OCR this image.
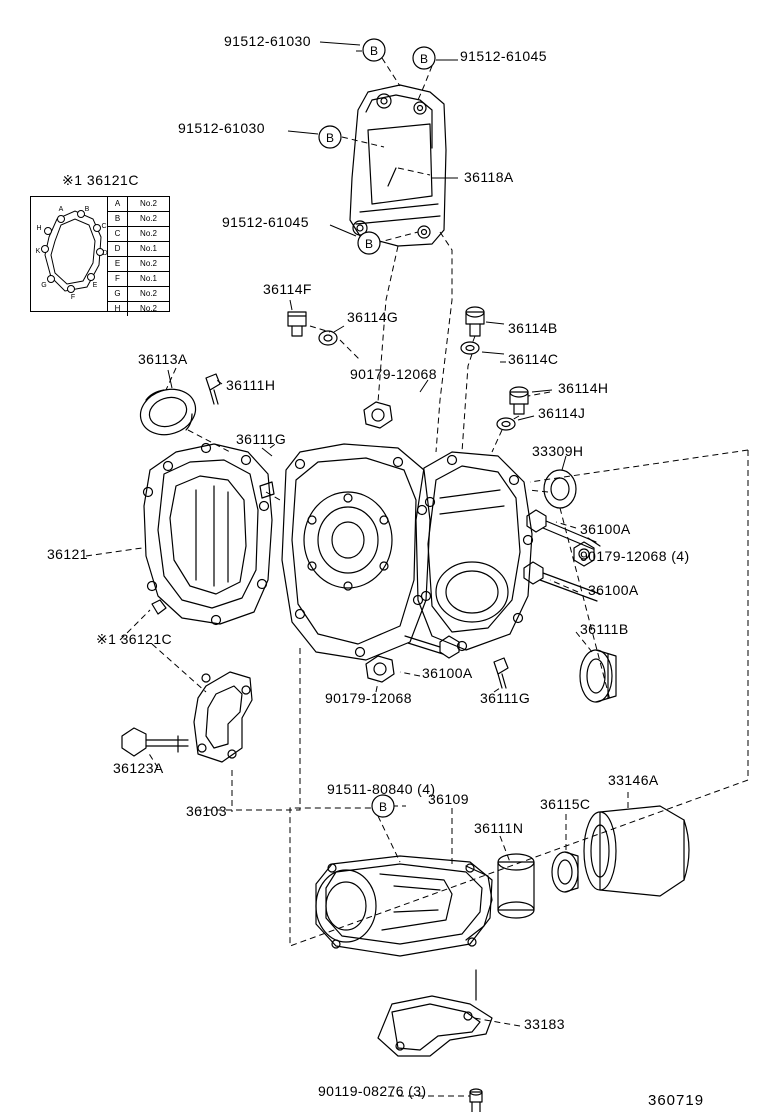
B
B
B
B
B
※1 36121C
A	B
C
D
E
F
G
K
H
A	No.2
B	No.2
C	No.2
D	No.1
E	No.2
F	No.1
G	No.2
H	No.2
91512-61030
91512-61045
91512-61030
36118A
91512-61045
36114F
36114G
36114B
36114C
36113A
90179-12068
36114H
36111H
36114J
36111G
33309H
36100A
90179-12068 (4)
36121
36100A
36111B
※1 36121C
36100A
90179-12068	36111G
36123A
91511-80840 (4)
33146A
36109	36115C
36103
36111N
33183
90119-08276 (3)
360719
